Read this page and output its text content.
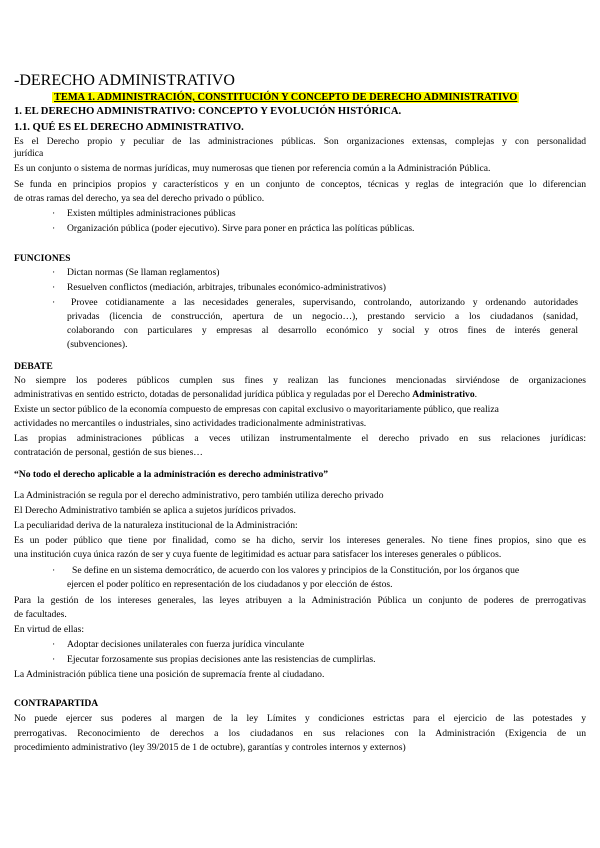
-DERECHO ADMINISTRATIVO
TEMA 1. ADMINISTRACIÓN, CONSTITUCIÓN Y CONCEPTO DE DERECHO ADMINISTRATIVO
1. EL DERECHO ADMINISTRATIVO: CONCEPTO Y EVOLUCIÓN HISTÓRICA.
1.1. QUÉ ES EL DERECHO ADMINISTRATIVO.
Es el Derecho propio y peculiar de las administraciones públicas. Son organizaciones extensas, complejas y con personalidad
jurídica
Es un conjunto o sistema de normas jurídicas, muy numerosas que tienen por referencia común a la Administración Pública.
Se funda en principios propios y característicos y en un conjunto de conceptos, técnicas y reglas de integración que lo diferencian
de otras ramas del derecho, ya sea del derecho privado o público.
· Existen múltiples administraciones públicas
· Organización pública (poder ejecutivo). Sirve para poner en práctica las políticas públicas.
FUNCIONES
· Dictan normas (Se llaman reglamentos)
· Resuelven conflictos (mediación, arbitrajes, tribunales económico-administrativos)
· Provee cotidianamente a las necesidades generales, supervisando, controlando, autorizando y ordenando autoridades
privadas (licencia de construcción, apertura de un negocio…), prestando servicio a los ciudadanos (sanidad,
colaborando con particulares y empresas al desarrollo económico y social y otros fines de interés general
(subvenciones).
DEBATE
No siempre los poderes públicos cumplen sus fines y realizan las funciones mencionadas sirviéndose de organizaciones
administrativas en sentido estricto, dotadas de personalidad jurídica pública y reguladas por el Derecho Administrativo.
Existe un sector público de la economía compuesto de empresas con capital exclusivo o mayoritariamente público, que realiza
actividades no mercantiles o industriales, sino actividades tradicionalmente administrativas.
Las propias administraciones públicas a veces utilizan instrumentalmente el derecho privado en sus relaciones jurídicas:
contratación de personal, gestión de sus bienes…
“No todo el derecho aplicable a la administración es derecho administrativo”
La Administración se regula por el derecho administrativo, pero también utiliza derecho privado
El Derecho Administrativo también se aplica a sujetos jurídicos privados.
La peculiaridad deriva de la naturaleza institucional de la Administración:
Es un poder público que tiene por finalidad, como se ha dicho, servir los intereses generales. No tiene fines propios, sino que es
una institución cuya única razón de ser y cuya fuente de legitimidad es actuar para satisfacer los intereses generales o públicos.
· Se define en un sistema democrático, de acuerdo con los valores y principios de la Constitución, por los órganos que
ejercen el poder político en representación de los ciudadanos y por elección de éstos.
Para la gestión de los intereses generales, las leyes atribuyen a la Administración Pública un conjunto de poderes de prerrogativas
de facultades.
En virtud de ellas:
· Adoptar decisiones unilaterales con fuerza jurídica vinculante
· Ejecutar forzosamente sus propias decisiones ante las resistencias de cumplirlas.
La Administración pública tiene una posición de supremacía frente al ciudadano.
CONTRAPARTIDA
No puede ejercer sus poderes al margen de la ley Límites y condiciones estrictas para el ejercicio de las potestades y
prerrogativas. Reconocimiento de derechos a los ciudadanos en sus relaciones con la Administración (Exigencia de un
procedimiento administrativo (ley 39/2015 de 1 de octubre), garantías y controles internos y externos)
